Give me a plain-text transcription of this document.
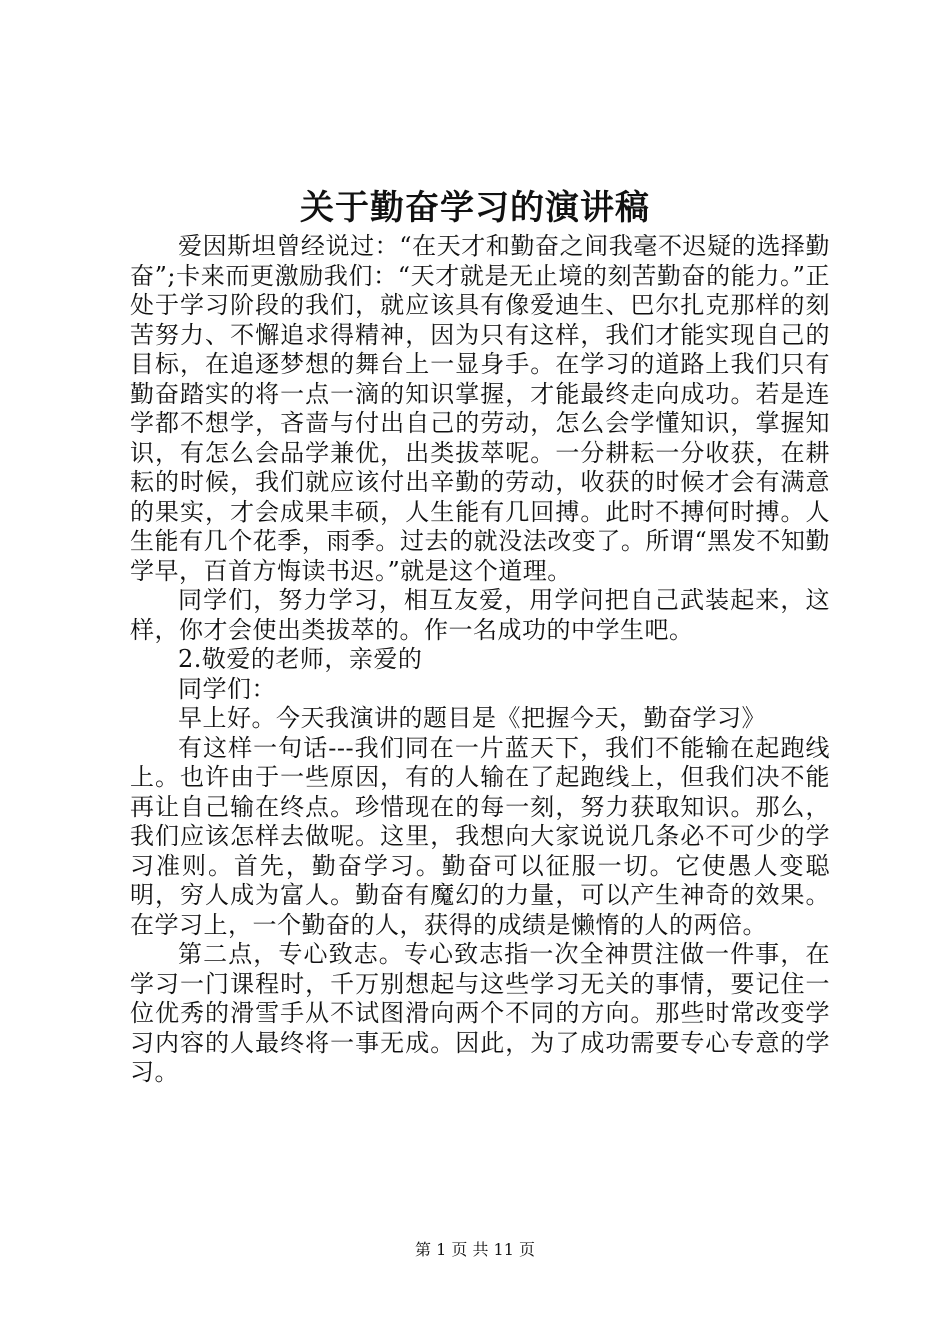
关于勤奋学习的演讲稿

爱因斯坦曾经说过：“在天才和勤奋之间我毫不迟疑的选择勤奋”;卡来而更激励我们：“天才就是无止境的刻苦勤奋的能力。”正处于学习阶段的我们，就应该具有像爱迪生、巴尔扎克那样的刻苦努力、不懈追求得精神，因为只有这样，我们才能实现自己的目标，在追逐梦想的舞台上一显身手。在学习的道路上我们只有勤奋踏实的将一点一滴的知识掌握，才能最终走向成功。若是连学都不想学，吝啬与付出自己的劳动，怎么会学懂知识，掌握知识，有怎么会品学兼优，出类拔萃呢。一分耕耘一分收获，在耕耘的时候，我们就应该付出辛勤的劳动，收获的时候才会有满意的果实，才会成果丰硕，人生能有几回搏。此时不搏何时搏。人生能有几个花季，雨季。过去的就没法改变了。所谓“黑发不知勤学早，百首方悔读书迟。”就是这个道理。

同学们，努力学习，相互友爱，用学问把自己武装起来，这样，你才会使出类拔萃的。作一名成功的中学生吧。

2.敬爱的老师，亲爱的

同学们：

早上好。今天我演讲的题目是《把握今天，勤奋学习》

有这样一句话---我们同在一片蓝天下，我们不能输在起跑线上。也许由于一些原因，有的人输在了起跑线上，但我们决不能再让自己输在终点。珍惜现在的每一刻，努力获取知识。那么，我们应该怎样去做呢。这里，我想向大家说说几条必不可少的学习准则。首先，勤奋学习。勤奋可以征服一切。它使愚人变聪明，穷人成为富人。勤奋有魔幻的力量，可以产生神奇的效果。在学习上，一个勤奋的人，获得的成绩是懒惰的人的两倍。

第二点，专心致志。专心致志指一次全神贯注做一件事，在学习一门课程时，千万别想起与这些学习无关的事情，要记住一位优秀的滑雪手从不试图滑向两个不同的方向。那些时常改变学习内容的人最终将一事无成。因此，为了成功需要专心专意的学习。

第 1 页 共 11 页
